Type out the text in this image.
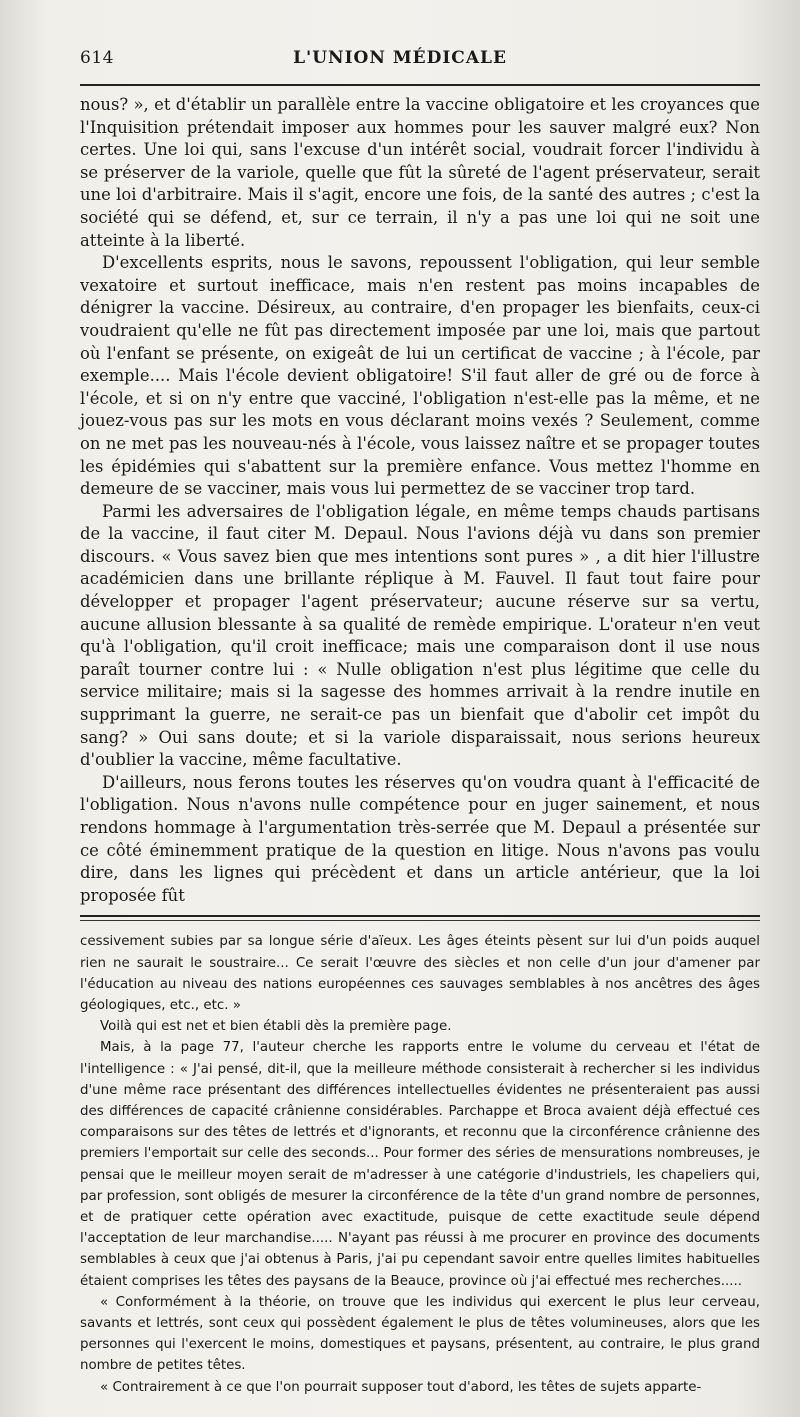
614	L'UNION MÉDICALE

nous? », et d'établir un parallèle entre la vaccine obligatoire et les croyances que l'Inquisition prétendait imposer aux hommes pour les sauver malgré eux? Non certes. Une loi qui, sans l'excuse d'un intérêt social, voudrait forcer l'individu à se préserver de la variole, quelle que fût la sûreté de l'agent préservateur, serait une loi d'arbitraire. Mais il s'agit, encore une fois, de la santé des autres ; c'est la société qui se défend, et, sur ce terrain, il n'y a pas une loi qui ne soit une atteinte à la liberté.

D'excellents esprits, nous le savons, repoussent l'obligation, qui leur semble vexatoire et surtout inefficace, mais n'en restent pas moins incapables de dénigrer la vaccine. Désireux, au contraire, d'en propager les bienfaits, ceux-ci voudraient qu'elle ne fût pas directement imposée par une loi, mais que partout où l'enfant se présente, on exigeât de lui un certificat de vaccine ; à l'école, par exemple.... Mais l'école devient obligatoire! S'il faut aller de gré ou de force à l'école, et si on n'y entre que vacciné, l'obligation n'est-elle pas la même, et ne jouez-vous pas sur les mots en vous déclarant moins vexés ? Seulement, comme on ne met pas les nouveau-nés à l'école, vous laissez naître et se propager toutes les épidémies qui s'abattent sur la première enfance. Vous mettez l'homme en demeure de se vacciner, mais vous lui permettez de se vacciner trop tard.

Parmi les adversaires de l'obligation légale, en même temps chauds partisans de la vaccine, il faut citer M. Depaul. Nous l'avions déjà vu dans son premier discours. « Vous savez bien que mes intentions sont pures » , a dit hier l'illustre académicien dans une brillante réplique à M. Fauvel. Il faut tout faire pour développer et propager l'agent préservateur; aucune réserve sur sa vertu, aucune allusion blessante à sa qualité de remède empirique. L'orateur n'en veut qu'à l'obligation, qu'il croit inefficace; mais une comparaison dont il use nous paraît tourner contre lui : « Nulle obligation n'est plus légitime que celle du service militaire; mais si la sagesse des hommes arrivait à la rendre inutile en supprimant la guerre, ne serait-ce pas un bienfait que d'abolir cet impôt du sang? » Oui sans doute; et si la variole disparaissait, nous serions heureux d'oublier la vaccine, même facultative.

D'ailleurs, nous ferons toutes les réserves qu'on voudra quant à l'efficacité de l'obligation. Nous n'avons nulle compétence pour en juger sainement, et nous rendons hommage à l'argumentation très-serrée que M. Depaul a présentée sur ce côté éminemment pratique de la question en litige. Nous n'avons pas voulu dire, dans les lignes qui précèdent et dans un article antérieur, que la loi proposée fût

cessivement subies par sa longue série d'aïeux. Les âges éteints pèsent sur lui d'un poids auquel rien ne saurait le soustraire... Ce serait l'œuvre des siècles et non celle d'un jour d'amener par l'éducation au niveau des nations européennes ces sauvages semblables à nos ancêtres des âges géologiques, etc., etc. »

Voilà qui est net et bien établi dès la première page.

Mais, à la page 77, l'auteur cherche les rapports entre le volume du cerveau et l'état de l'intelligence : « J'ai pensé, dit-il, que la meilleure méthode consisterait à rechercher si les individus d'une même race présentant des différences intellectuelles évidentes ne présenteraient pas aussi des différences de capacité crânienne considérables. Parchappe et Broca avaient déjà effectué ces comparaisons sur des têtes de lettrés et d'ignorants, et reconnu que la circonférence crânienne des premiers l'emportait sur celle des seconds... Pour former des séries de mensurations nombreuses, je pensai que le meilleur moyen serait de m'adresser à une catégorie d'industriels, les chapeliers qui, par profession, sont obligés de mesurer la circonférence de la tête d'un grand nombre de personnes, et de pratiquer cette opération avec exactitude, puisque de cette exactitude seule dépend l'acceptation de leur marchandise..... N'ayant pas réussi à me procurer en province des documents semblables à ceux que j'ai obtenus à Paris, j'ai pu cependant savoir entre quelles limites habituelles étaient comprises les têtes des paysans de la Beauce, province où j'ai effectué mes recherches.....

« Conformément à la théorie, on trouve que les individus qui exercent le plus leur cerveau, savants et lettrés, sont ceux qui possèdent également le plus de têtes volumineuses, alors que les personnes qui l'exercent le moins, domestiques et paysans, présentent, au contraire, le plus grand nombre de petites têtes.

« Contrairement à ce que l'on pourrait supposer tout d'abord, les têtes de sujets apparte-
